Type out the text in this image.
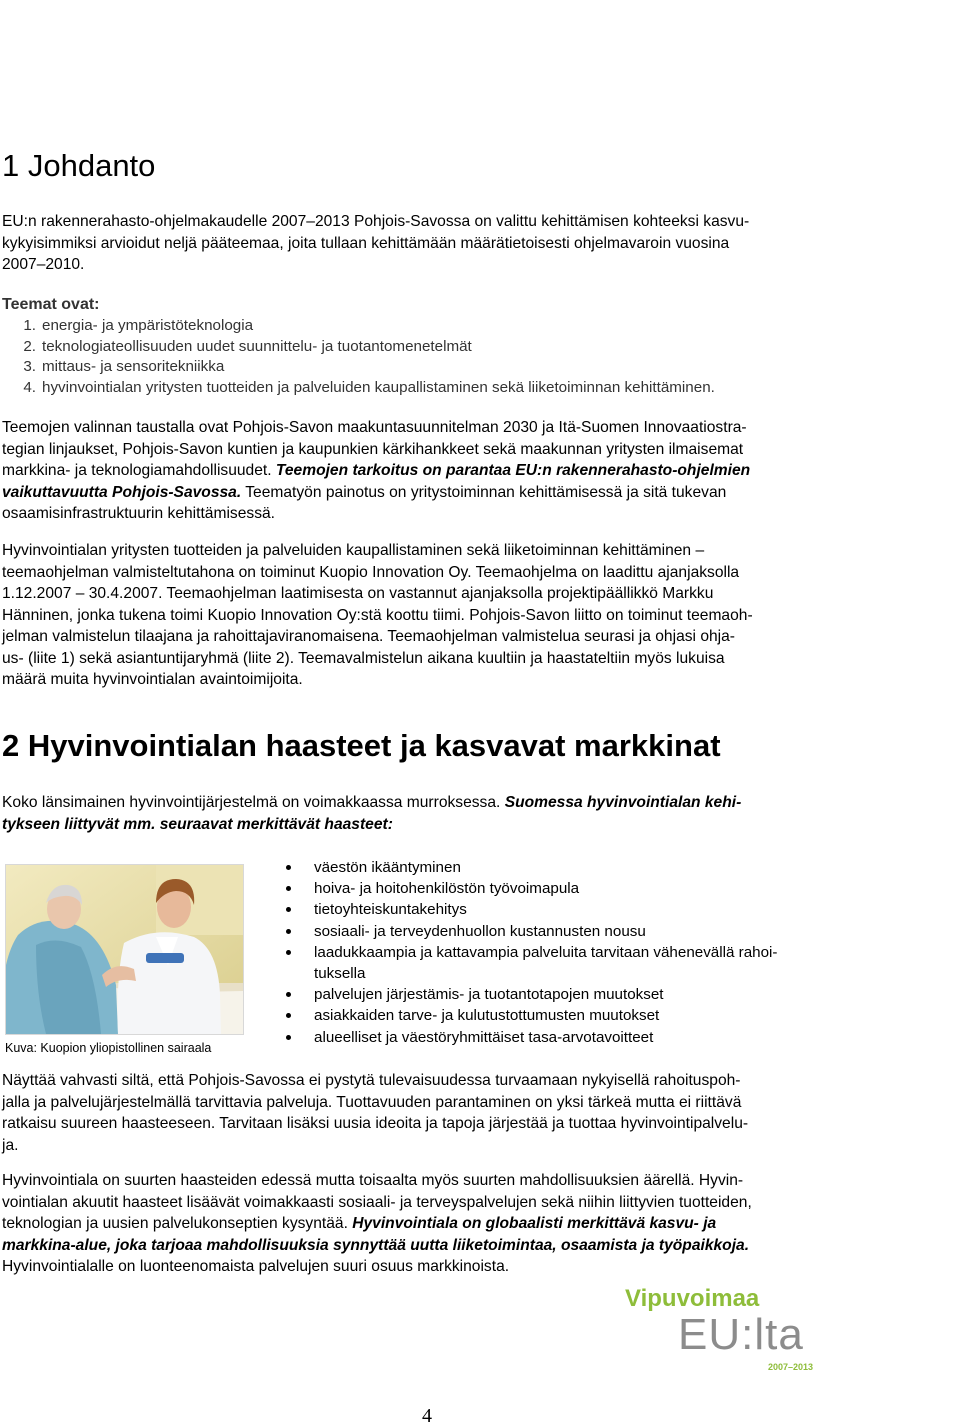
1 Johdanto
EU:n rakennerahasto-ohjelmakaudelle 2007–2013 Pohjois-Savossa on valittu kehittämisen kohteeksi kasvu-
kykyisimmiksi arvioidut neljä pääteemaa, joita tullaan kehittämään määrätietoisesti ohjelmavaroin vuosina
2007–2010.
Teemat ovat:
1. energia- ja ympäristöteknologia
2. teknologiateollisuuden uudet suunnittelu- ja tuotantomenetelmät
3. mittaus- ja sensoritekniikka
4. hyvinvointialan yritysten tuotteiden ja palveluiden kaupallistaminen sekä liiketoiminnan kehittäminen.
Teemojen valinnan taustalla ovat Pohjois-Savon maakuntasuunnitelman 2030 ja Itä-Suomen Innovaatiostra-
tegian linjaukset, Pohjois-Savon kuntien ja kaupunkien kärkihankkeet sekä maakunnan yritysten ilmaisemat
markkina- ja teknologiamahdollisuudet. Teemojen tarkoitus on parantaa EU:n rakennerahasto-ohjelmien
vaikuttavuutta Pohjois-Savossa. Teematyön painotus on yritystoiminnan kehittämisessä ja sitä tukevan
osaamisinfrastruktuurin kehittämisessä.
Hyvinvointialan yritysten tuotteiden ja palveluiden kaupallistaminen sekä liiketoiminnan kehittäminen –
teemaohjelman valmisteltutahona on toiminut Kuopio Innovation Oy. Teemaohjelma on laadittu ajanjaksolla
1.12.2007 – 30.4.2007. Teemaohjelman laatimisesta on vastannut ajanjaksolla projektipäällikkö Markku
Hänninen, jonka tukena toimi Kuopio Innovation Oy:stä koottu tiimi. Pohjois-Savon liitto on toiminut teemaoh-
jelman valmistelun tilaajana ja rahoittajaviranomaisena. Teemaohjelman valmistelua seurasi ja ohjasi ohja-
us- (liite 1) sekä asiantuntijaryhmä (liite 2). Teemavalmistelun aikana kuultiin ja haastateltiin myös lukuisa
määrä muita hyvinvointialan avaintoimijoita.
2 Hyvinvointialan haasteet ja kasvavat markkinat
Koko länsimainen hyvinvointijärjestelmä on voimakkaassa murroksessa. Suomessa hyvinvointialan kehi-
tykseen liittyvät mm. seuraavat merkittävät haasteet:
Kuva: Kuopion yliopistollinen sairaala
väestön ikääntyminen
hoiva- ja hoitohenkilöstön työvoimapula
tietoyhteiskuntakehitys
sosiaali- ja terveydenhuollon kustannusten nousu
laadukkaampia ja kattavampia palveluita tarvitaan vähenevällä rahoi-
tuksella
palvelujen järjestämis- ja tuotantotapojen muutokset
asiakkaiden tarve- ja kulutustottumusten muutokset
alueelliset ja väestöryhmittäiset tasa-arvotavoitteet
Näyttää vahvasti siltä, että Pohjois-Savossa ei pystytä tulevaisuudessa turvaamaan nykyisellä rahoituspoh-
jalla ja palvelujärjestelmällä tarvittavia palveluja. Tuottavuuden parantaminen on yksi tärkeä mutta ei riittävä
ratkaisu suureen haasteeseen. Tarvitaan lisäksi uusia ideoita ja tapoja järjestää ja tuottaa hyvinvointipalvelu-
ja.
Hyvinvointiala on suurten haasteiden edessä mutta toisaalta myös suurten mahdollisuuksien äärellä. Hyvin-
vointialan akuutit haasteet lisäävät voimakkaasti sosiaali- ja terveyspalvelujen sekä niihin liittyvien tuotteiden,
teknologian ja uusien palvelukonseptien kysyntää. Hyvinvointiala on globaalisti merkittävä kasvu- ja
markkina-alue, joka tarjoaa mahdollisuuksia synnyttää uutta liiketoimintaa, osaamista ja työpaikkoja.
Hyvinvointialalle on luonteenomaista palvelujen suuri osuus markkinoista.
Vipuvoimaa
EU:lta
2007–2013
4
